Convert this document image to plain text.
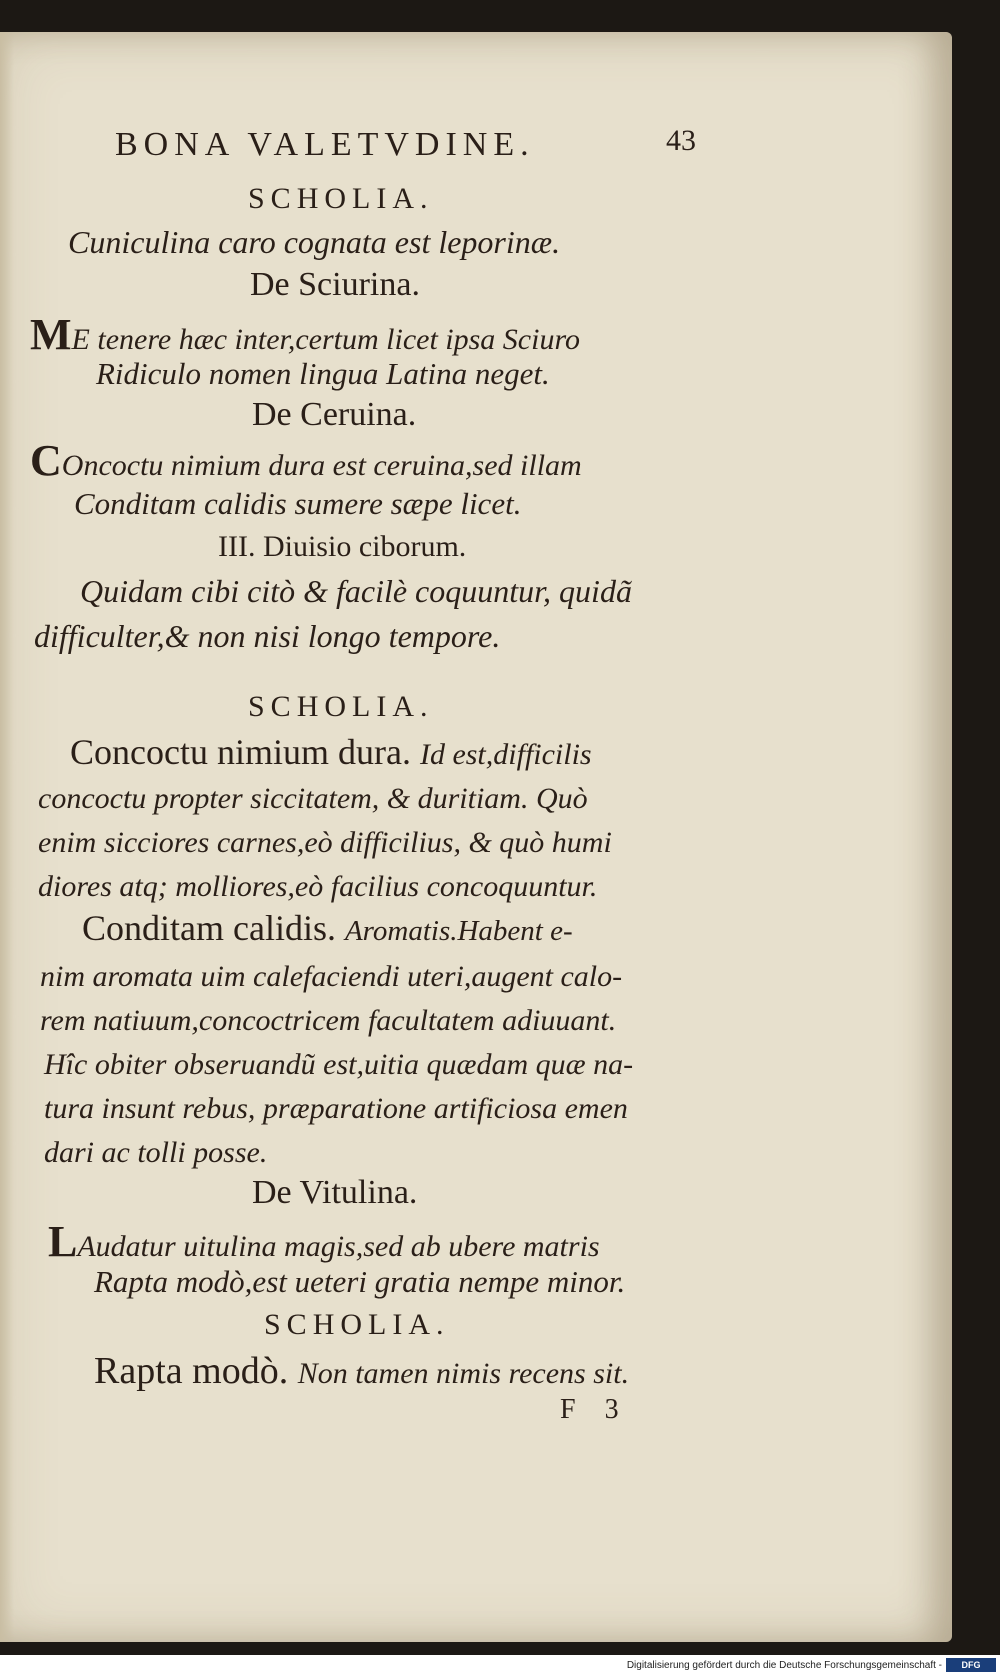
BONA VALETVDINE.	43
SCHOLIA.
Cuniculina caro cognata est leporinæ.
De Sciurina.
ME tenere hæc inter,certum licet ipsa Sciuro
Ridiculo nomen lingua Latina neget.
De Ceruina.
COncoctu nimium dura est ceruina,sed illam
Conditam calidis sumere sæpe licet.
III. Diuisio ciborum.
Quidam cibi citò & facilè coquuntur, quidã
difficulter,& non nisi longo tempore.
SCHOLIA.
Concoctu nimium dura. Id est,difficilis
concoctu propter siccitatem, & duritiam. Quò
enim sicciores carnes,eò difficilius, & quò humi
diores atq; molliores,eò facilius concoquuntur.
Conditam calidis. Aromatis.Habent e-
nim aromata uim calefaciendi uteri,augent calo-
rem natiuum,concoctricem facultatem adiuuant.
Hîc obiter obseruandũ est,uitia quædam quæ na-
tura insunt rebus, præparatione artificiosa emen
dari ac tolli posse.
De Vitulina.
LAudatur uitulina magis,sed ab ubere matris
Rapta modò,est ueteri gratia nempe minor.
SCHOLIA.
Rapta modò. Non tamen nimis recens sit.
F 3
Digitalisierung gefördert durch die Deutsche Forschungsgemeinschaft -	DFG
